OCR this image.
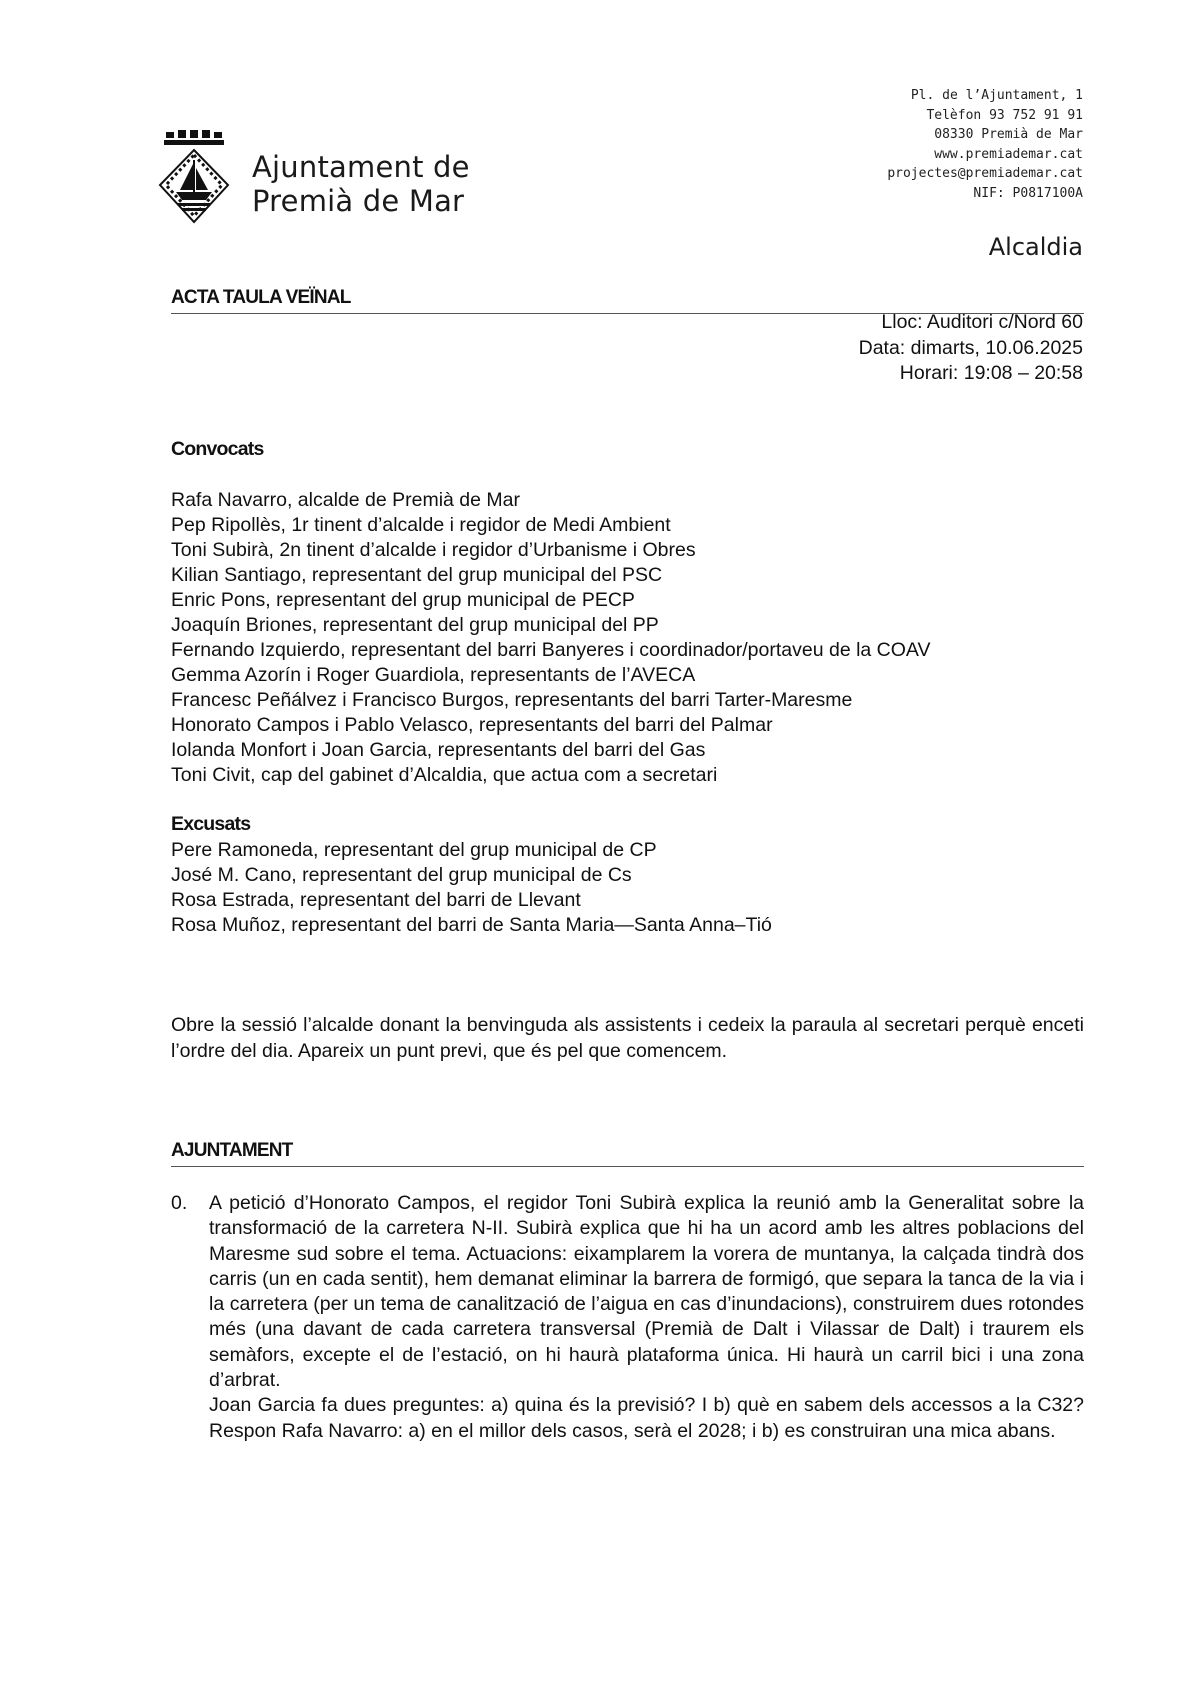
Ajuntament de
Premià de Mar
Pl. de l’Ajuntament, 1
Telèfon 93 752 91 91
08330 Premià de Mar
www.premiademar.cat
projectes@premiademar.cat
NIF: P0817100A
Alcaldia
ACTA TAULA VEÏNAL
Lloc: Auditori c/Nord 60
Data: dimarts, 10.06.2025
Horari: 19:08 – 20:58
Convocats
Rafa Navarro, alcalde de Premià de Mar
Pep Ripollès, 1r tinent d’alcalde i regidor de Medi Ambient
Toni Subirà, 2n tinent d’alcalde i regidor d’Urbanisme i Obres
Kilian Santiago, representant del grup municipal del PSC
Enric Pons, representant del grup municipal de PECP
Joaquín Briones, representant del grup municipal del PP
Fernando Izquierdo, representant del barri Banyeres i coordinador/portaveu de la COAV
Gemma Azorín i Roger Guardiola, representants de l’AVECA
Francesc Peñálvez i Francisco Burgos, representants del barri Tarter-Maresme
Honorato Campos i Pablo Velasco, representants del barri del Palmar
Iolanda Monfort i Joan Garcia, representants del barri del Gas
Toni Civit, cap del gabinet d’Alcaldia, que actua com a secretari
Excusats
Pere Ramoneda, representant del grup municipal de CP
José M. Cano, representant del grup municipal de Cs
Rosa Estrada, representant del barri de Llevant
Rosa Muñoz, representant del barri de Santa Maria—Santa Anna–Tió
Obre la sessió l’alcalde donant la benvinguda als assistents i cedeix la paraula al secretari perquè enceti l’ordre del dia. Apareix un punt previ, que és pel que comencem.
AJUNTAMENT
0. A petició d’Honorato Campos, el regidor Toni Subirà explica la reunió amb la Generalitat sobre la transformació de la carretera N-II. Subirà explica que hi ha un acord amb les altres poblacions del Maresme sud sobre el tema. Actuacions: eixamplarem la vorera de muntanya, la calçada tindrà dos carris (un en cada sentit), hem demanat eliminar la barrera de formigó, que separa la tanca de la via i la carretera (per un tema de canalització de l’aigua en cas d’inundacions), construirem dues rotondes més (una davant de cada carretera transversal (Premià de Dalt i Vilassar de Dalt) i traurem els semàfors, excepte el de l’estació, on hi haurà plataforma única. Hi haurà un carril bici i una zona d’arbrat.

Joan Garcia fa dues preguntes: a) quina és la previsió? I b) què en sabem dels accessos a la C32? Respon Rafa Navarro: a) en el millor dels casos, serà el 2028; i b) es construiran una mica abans.
